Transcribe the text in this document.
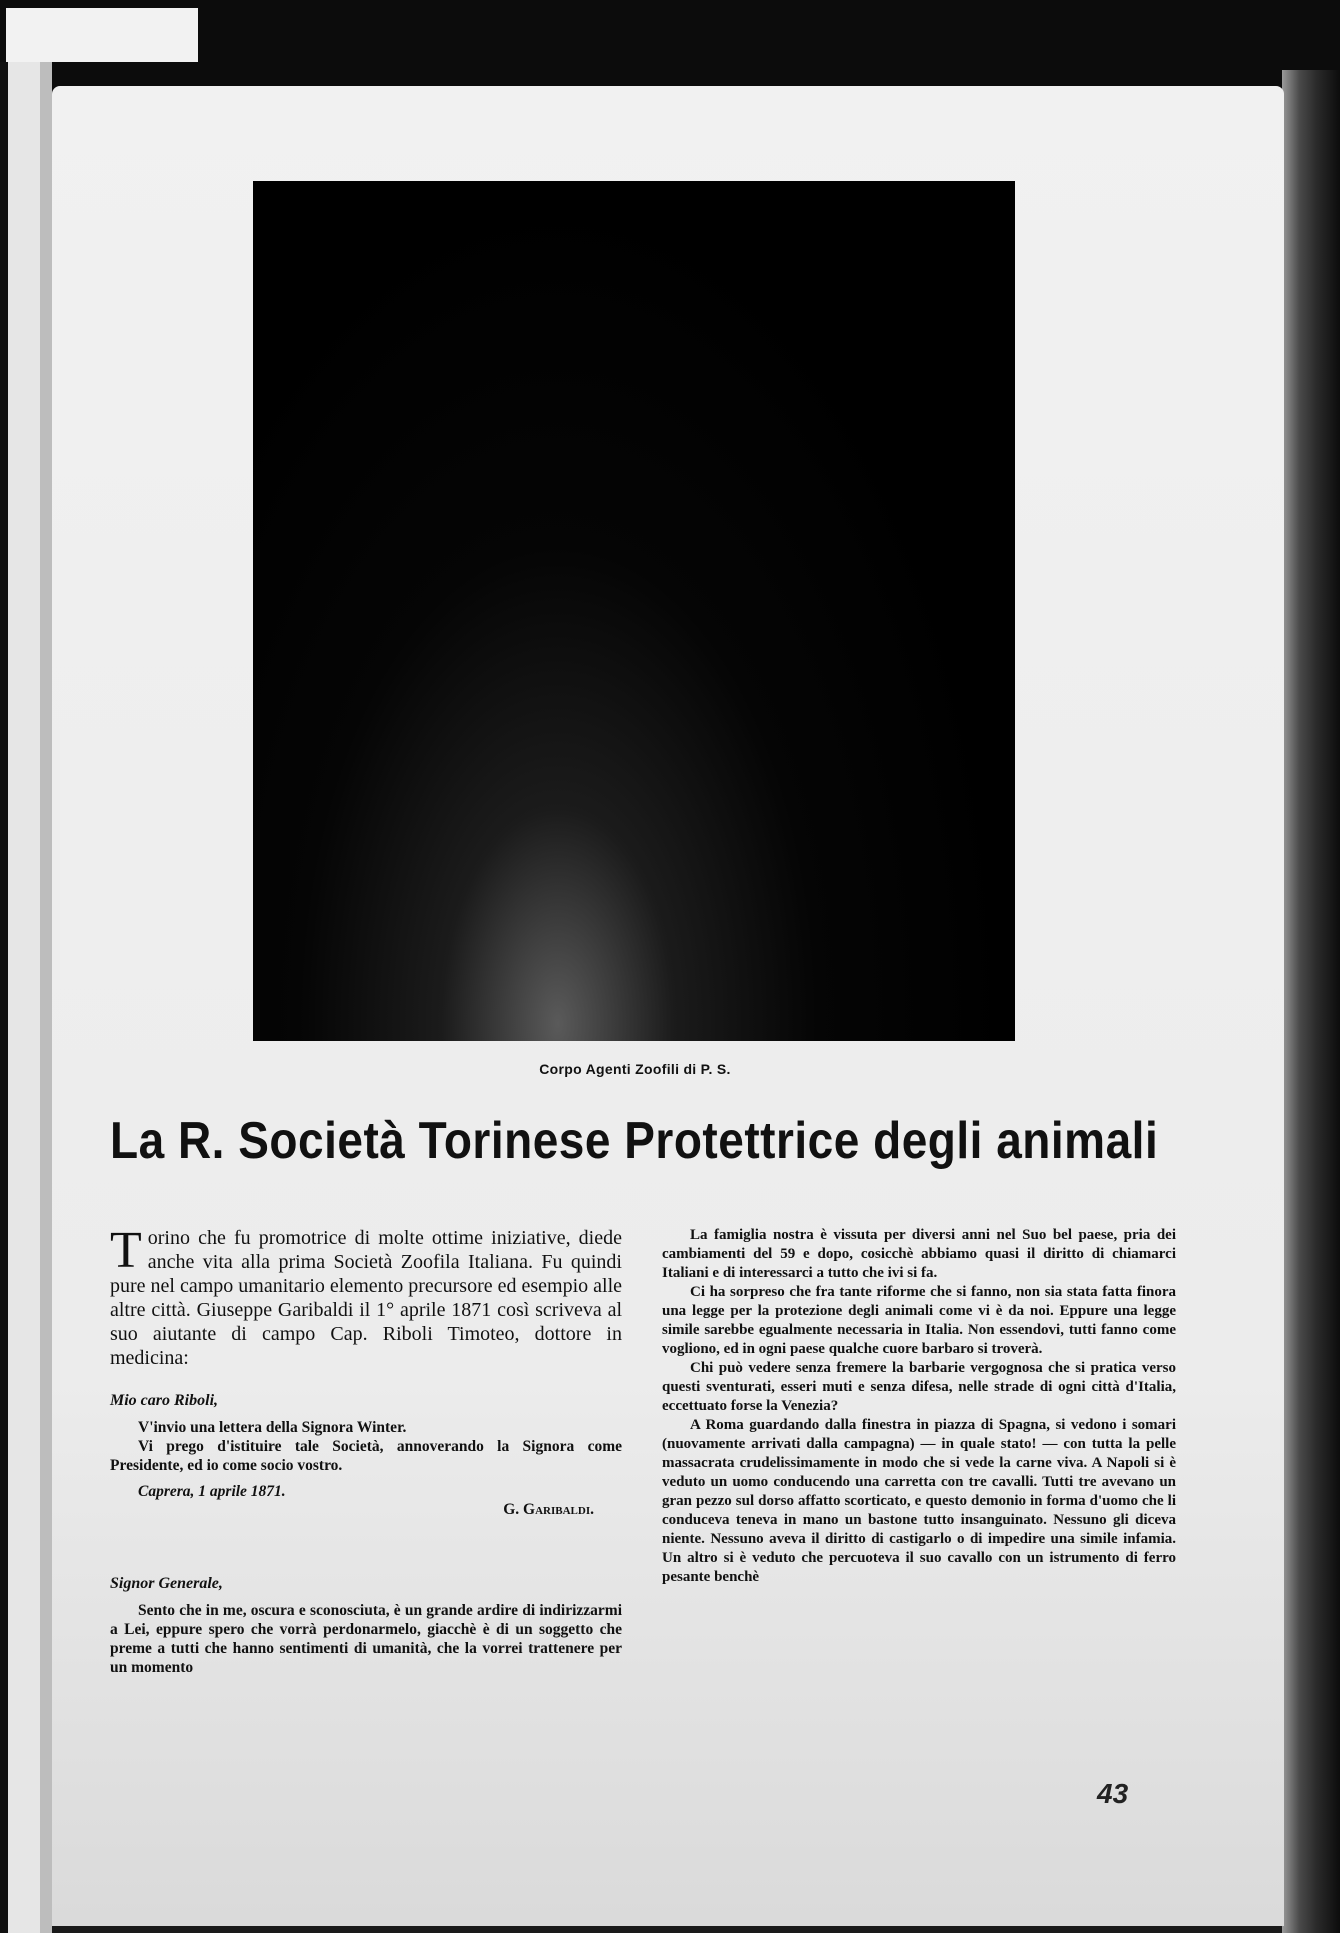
Corpo Agenti Zoofili di P. S.
La R. Società Torinese Protettrice degli animali

Torino che fu promotrice di molte ottime iniziative, diede anche vita alla prima Società Zoofila Italiana. Fu quindi pure nel campo umanitario elemento precursore ed esempio alle altre città. Giuseppe Garibaldi il 1° aprile 1871 così scriveva al suo aiutante di campo Cap. Riboli Timoteo, dottore in medicina:

Mio caro Riboli,

V'invio una lettera della Signora Winter.

Vi prego d'istituire tale Società, annoverando la Signora come Presidente, ed io come socio vostro.

Caprera, 1 aprile 1871.
G. Garibaldi.
Signor Generale,

Sento che in me, oscura e sconosciuta, è un grande ardire di indirizzarmi a Lei, eppure spero che vorrà perdonarmelo, giacchè è di un soggetto che preme a tutti che hanno sentimenti di umanità, che la vorrei trattenere per un momento

La famiglia nostra è vissuta per diversi anni nel Suo bel paese, pria dei cambiamenti del 59 e dopo, cosicchè abbiamo quasi il diritto di chiamarci Italiani e di interessarci a tutto che ivi si fa.

Ci ha sorpreso che fra tante riforme che si fanno, non sia stata fatta finora una legge per la protezione degli animali come vi è da noi. Eppure una legge simile sarebbe egualmente necessaria in Italia. Non essendovi, tutti fanno come vogliono, ed in ogni paese qualche cuore barbaro si troverà.

Chi può vedere senza fremere la barbarie vergognosa che si pratica verso questi sventurati, esseri muti e senza difesa, nelle strade di ogni città d'Italia, eccettuato forse la Venezia?

A Roma guardando dalla finestra in piazza di Spagna, si vedono i somari (nuovamente arrivati dalla campagna) — in quale stato! — con tutta la pelle massacrata crudelissimamente in modo che si vede la carne viva. A Napoli si è veduto un uomo conducendo una carretta con tre cavalli. Tutti tre avevano un gran pezzo sul dorso affatto scorticato, e questo demonio in forma d'uomo che li conduceva teneva in mano un bastone tutto insanguinato. Nessuno gli diceva niente. Nessuno aveva il diritto di castigarlo o di impedire una simile infamia. Un altro si è veduto che percuoteva il suo cavallo con un istrumento di ferro pesante benchè

43
